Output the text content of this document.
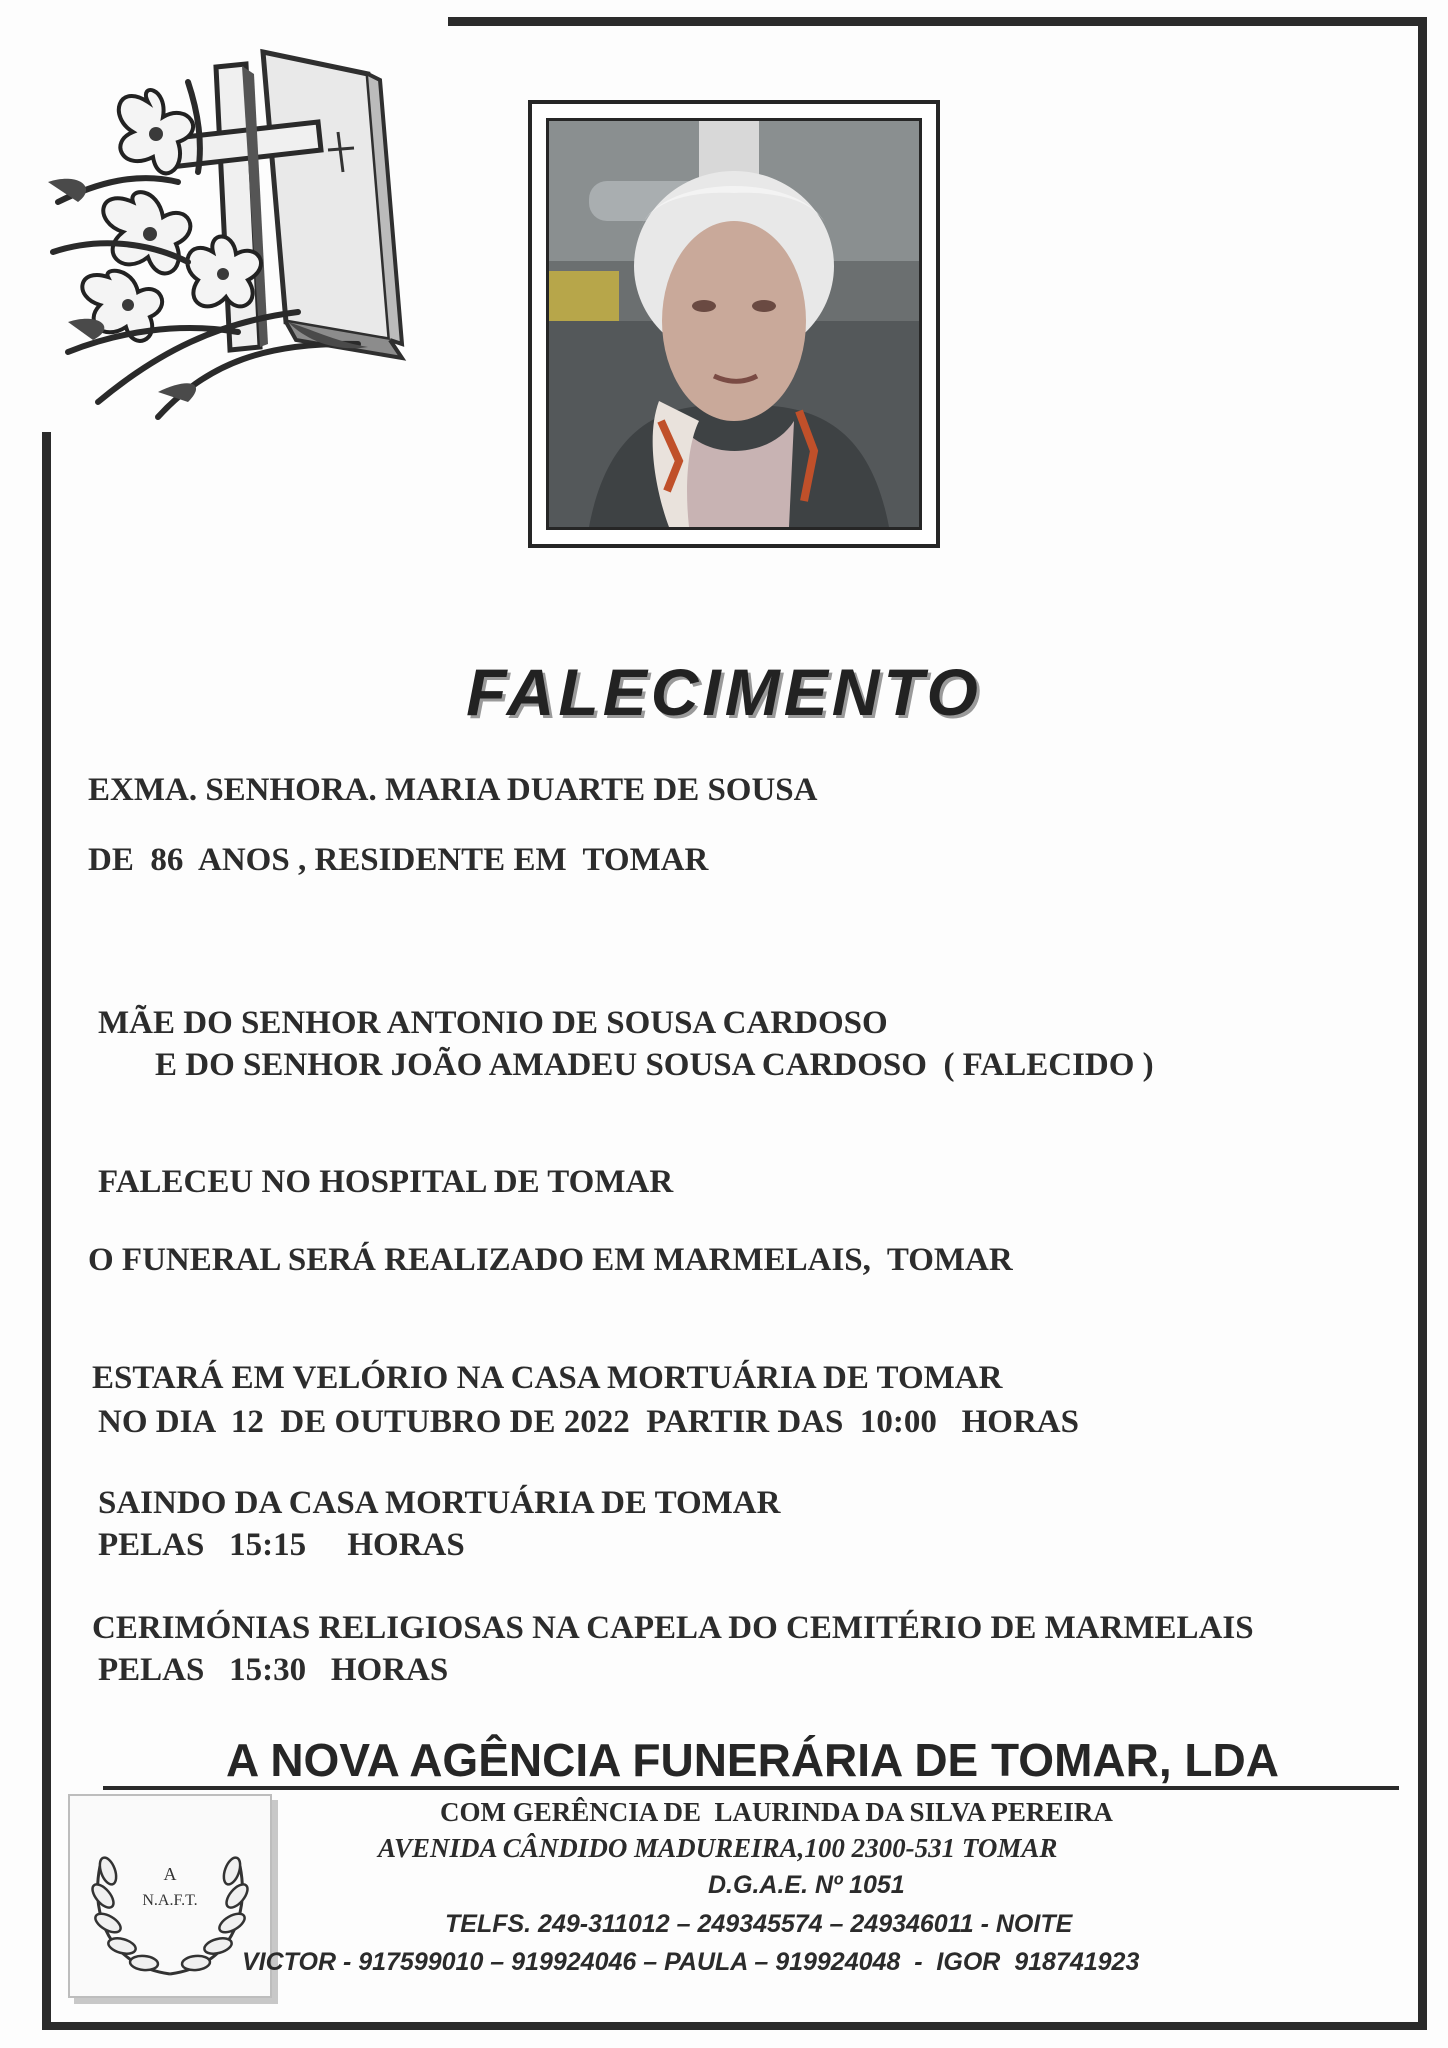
FALECIMENTO
EXMA. SENHORA. MARIA DUARTE DE SOUSA
DE  86  ANOS , RESIDENTE EM  TOMAR
MÃE DO SENHOR ANTONIO DE SOUSA CARDOSO
E DO SENHOR JOÃO AMADEU SOUSA CARDOSO  ( FALECIDO )
FALECEU NO HOSPITAL DE TOMAR
O FUNERAL SERÁ REALIZADO EM MARMELAIS,  TOMAR
ESTARÁ EM VELÓRIO NA CASA MORTUÁRIA DE TOMAR
NO DIA  12  DE OUTUBRO DE 2022  PARTIR DAS  10:00   HORAS
SAINDO DA CASA MORTUÁRIA DE TOMAR
PELAS   15:15     HORAS
CERIMÓNIAS RELIGIOSAS NA CAPELA DO CEMITÉRIO DE MARMELAIS
PELAS   15:30   HORAS
A NOVA AGÊNCIA FUNERÁRIA DE TOMAR, LDA
A
N.A.F.T.
COM GERÊNCIA DE  LAURINDA DA SILVA PEREIRA
AVENIDA CÂNDIDO MADUREIRA,100 2300-531 TOMAR
D.G.A.E. Nº 1051
TELFS. 249-311012 – 249345574 – 249346011 - NOITE
VICTOR - 917599010 – 919924046 – PAULA – 919924048  -  IGOR  918741923
